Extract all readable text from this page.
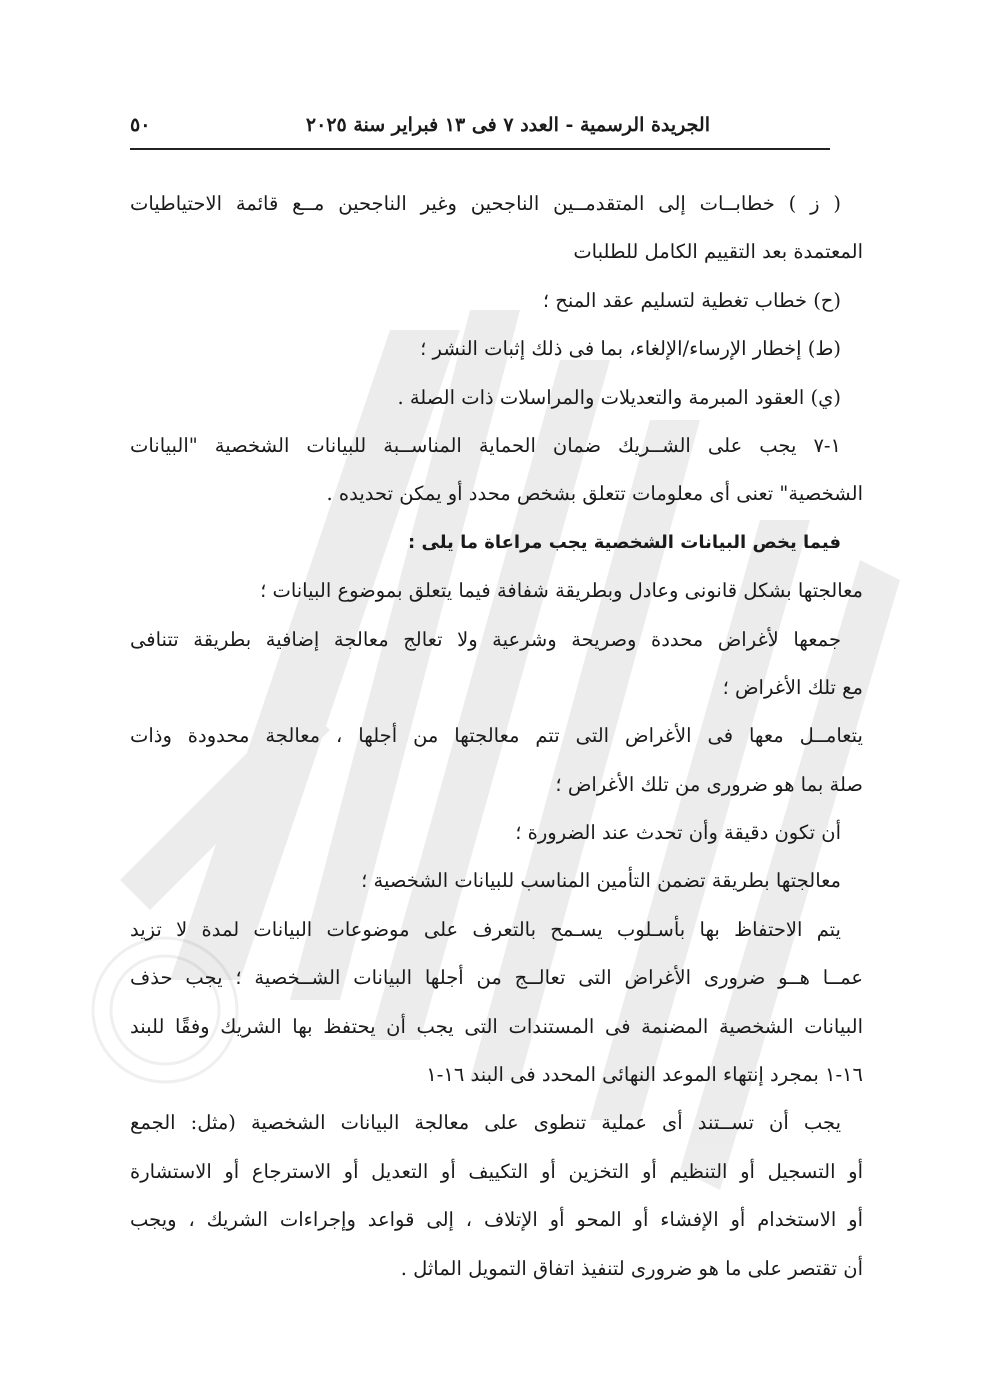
الجريدة الرسمية - العدد ٧ فى ١٣ فبراير سنة ٢٠٢٥
٥٠
( ز ) خطابــات إلى المتقدمــين الناجحين وغير الناجحين مــع قائمة الاحتياطيات
المعتمدة بعد التقييم الكامل للطلبات
(ح) خطاب تغطية لتسليم عقد المنح ؛
(ط) إخطار الإرساء/الإلغاء، بما فى ذلك إثبات النشر ؛
(ي) العقود المبرمة والتعديلات والمراسلات ذات الصلة .
١-٧ يجب على الشــريك ضمان الحماية المناســبة للبيانات الشخصية "البيانات
الشخصية" تعنى أى معلومات تتعلق بشخص محدد أو يمكن تحديده .
فيما يخص البيانات الشخصية يجب مراعاة ما يلى :
معالجتها بشكل قانونى وعادل وبطريقة شفافة فيما يتعلق بموضوع البيانات ؛
جمعها لأغراض محددة وصريحة وشرعية ولا تعالج معالجة إضافية بطريقة تتنافى
مع تلك الأغراض ؛
يتعامــل معها فى الأغراض التى تتم معالجتها من أجلها ، معالجة محدودة وذات
صلة بما هو ضرورى من تلك الأغراض ؛
أن تكون دقيقة وأن تحدث عند الضرورة ؛
معالجتها بطريقة تضمن التأمين المناسب للبيانات الشخصية ؛
يتم الاحتفاظ بها بأسـلوب يسـمح بالتعرف على موضوعات البيانات لمدة لا تزيد
عمــا هــو ضرورى الأغراض التى تعالــج من أجلها البيانات الشــخصية ؛ يجب حذف
البيانات الشخصية المضنمة فى المستندات التى يجب أن يحتفظ بها الشريك وفقًا للبند
١٦-١ بمجرد إنتهاء الموعد النهائى المحدد فى البند ١٦-١
يجب أن تســتند أى عملية تنطوى على معالجة البيانات الشخصية (مثل: الجمع
أو التسجيل أو التنظيم أو التخزين أو التكييف أو التعديل أو الاسترجاع أو الاستشارة
أو الاستخدام أو الإفشاء أو المحو أو الإتلاف ، إلى قواعد وإجراءات الشريك ، ويجب
أن تقتصر على ما هو ضرورى لتنفيذ اتفاق التمويل الماثل .
